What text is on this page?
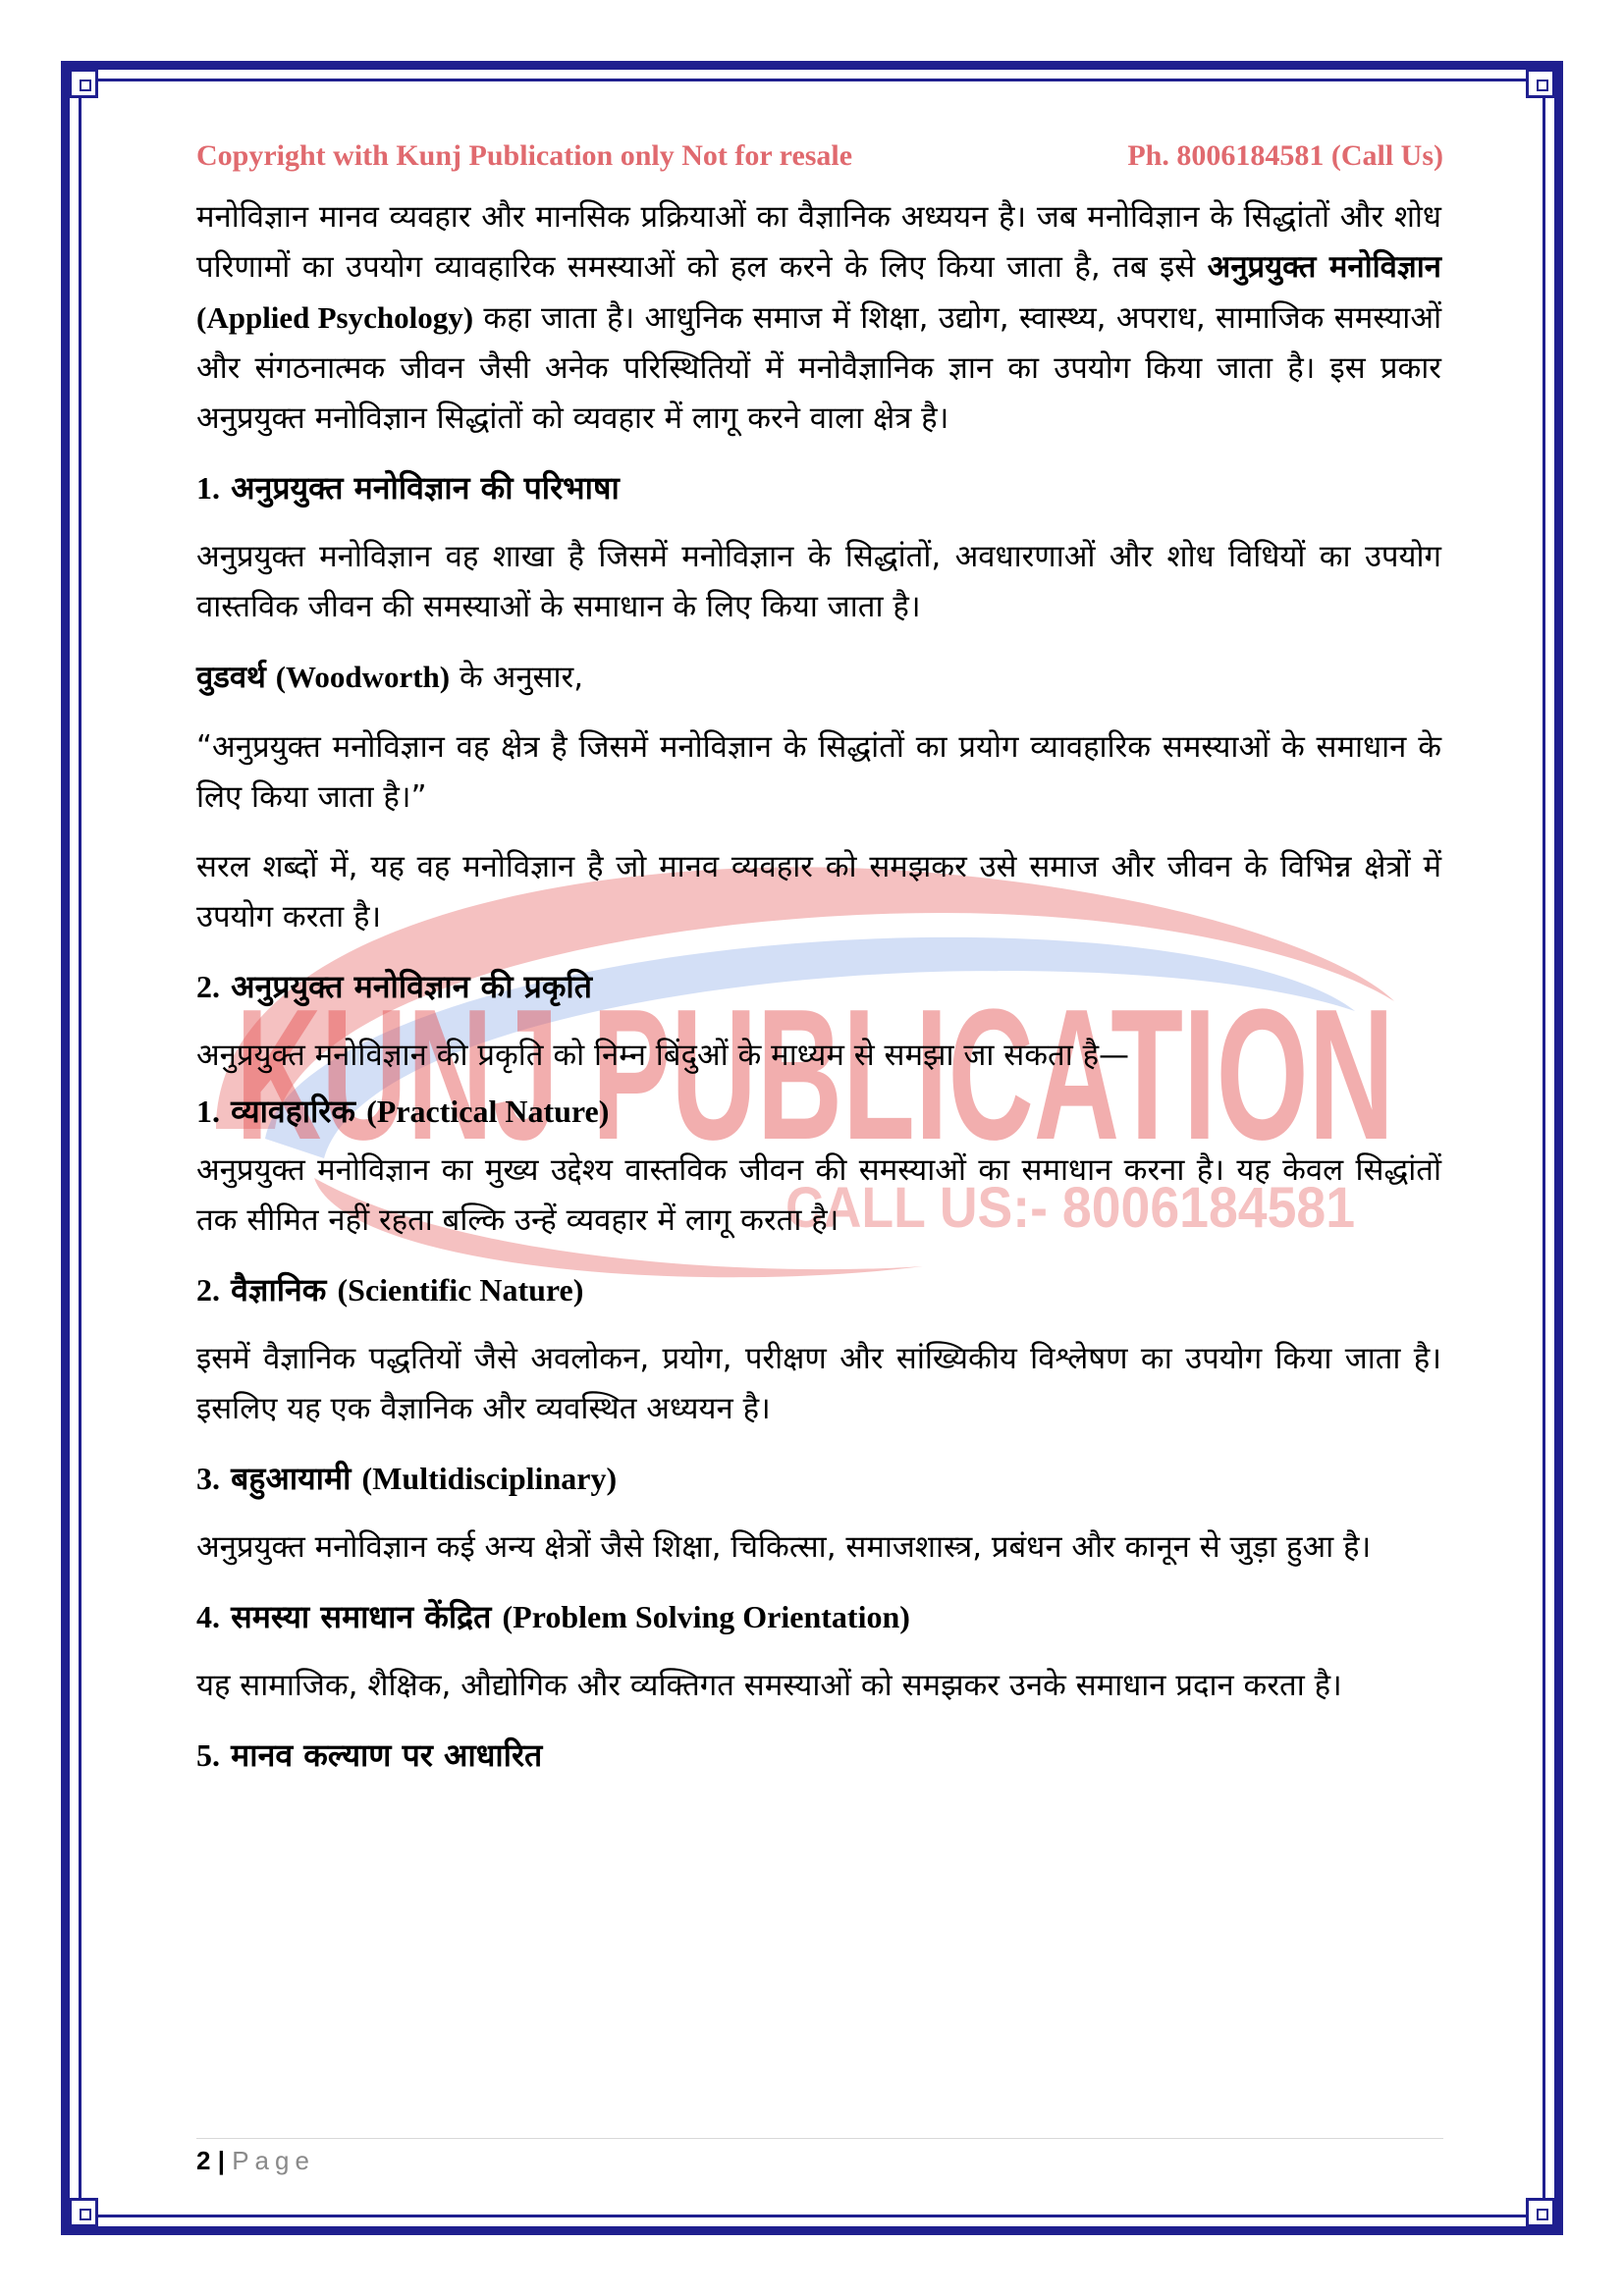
KUNJ PUBLICATION
CALL US:- 8006184581
Copyright with Kunj Publication only Not for resale	Ph. 8006184581 (Call Us)

मनोविज्ञान मानव व्यवहार और मानसिक प्रक्रियाओं का वैज्ञानिक अध्ययन है। जब मनोविज्ञान के सिद्धांतों और शोध परिणामों का उपयोग व्यावहारिक समस्याओं को हल करने के लिए किया जाता है, तब इसे अनुप्रयुक्त मनोविज्ञान (Applied Psychology) कहा जाता है। आधुनिक समाज में शिक्षा, उद्योग, स्वास्थ्य, अपराध, सामाजिक समस्याओं और संगठनात्मक जीवन जैसी अनेक परिस्थितियों में मनोवैज्ञानिक ज्ञान का उपयोग किया जाता है। इस प्रकार अनुप्रयुक्त मनोविज्ञान सिद्धांतों को व्यवहार में लागू करने वाला क्षेत्र है।

1. अनुप्रयुक्त मनोविज्ञान की परिभाषा

अनुप्रयुक्त मनोविज्ञान वह शाखा है जिसमें मनोविज्ञान के सिद्धांतों, अवधारणाओं और शोध विधियों का उपयोग वास्तविक जीवन की समस्याओं के समाधान के लिए किया जाता है।

वुडवर्थ (Woodworth) के अनुसार,

“अनुप्रयुक्त मनोविज्ञान वह क्षेत्र है जिसमें मनोविज्ञान के सिद्धांतों का प्रयोग व्यावहारिक समस्याओं के समाधान के लिए किया जाता है।”

सरल शब्दों में, यह वह मनोविज्ञान है जो मानव व्यवहार को समझकर उसे समाज और जीवन के विभिन्न क्षेत्रों में उपयोग करता है।

2. अनुप्रयुक्त मनोविज्ञान की प्रकृति

अनुप्रयुक्त मनोविज्ञान की प्रकृति को निम्न बिंदुओं के माध्यम से समझा जा सकता है—

1. व्यावहारिक (Practical Nature)

अनुप्रयुक्त मनोविज्ञान का मुख्य उद्देश्य वास्तविक जीवन की समस्याओं का समाधान करना है। यह केवल सिद्धांतों तक सीमित नहीं रहता बल्कि उन्हें व्यवहार में लागू करता है।

2. वैज्ञानिक (Scientific Nature)

इसमें वैज्ञानिक पद्धतियों जैसे अवलोकन, प्रयोग, परीक्षण और सांख्यिकीय विश्लेषण का उपयोग किया जाता है। इसलिए यह एक वैज्ञानिक और व्यवस्थित अध्ययन है।

3. बहुआयामी (Multidisciplinary)

अनुप्रयुक्त मनोविज्ञान कई अन्य क्षेत्रों जैसे शिक्षा, चिकित्सा, समाजशास्त्र, प्रबंधन और कानून से जुड़ा हुआ है।

4. समस्या समाधान केंद्रित (Problem Solving Orientation)

यह सामाजिक, शैक्षिक, औद्योगिक और व्यक्तिगत समस्याओं को समझकर उनके समाधान प्रदान करता है।

5. मानव कल्याण पर आधारित
2 | Page
